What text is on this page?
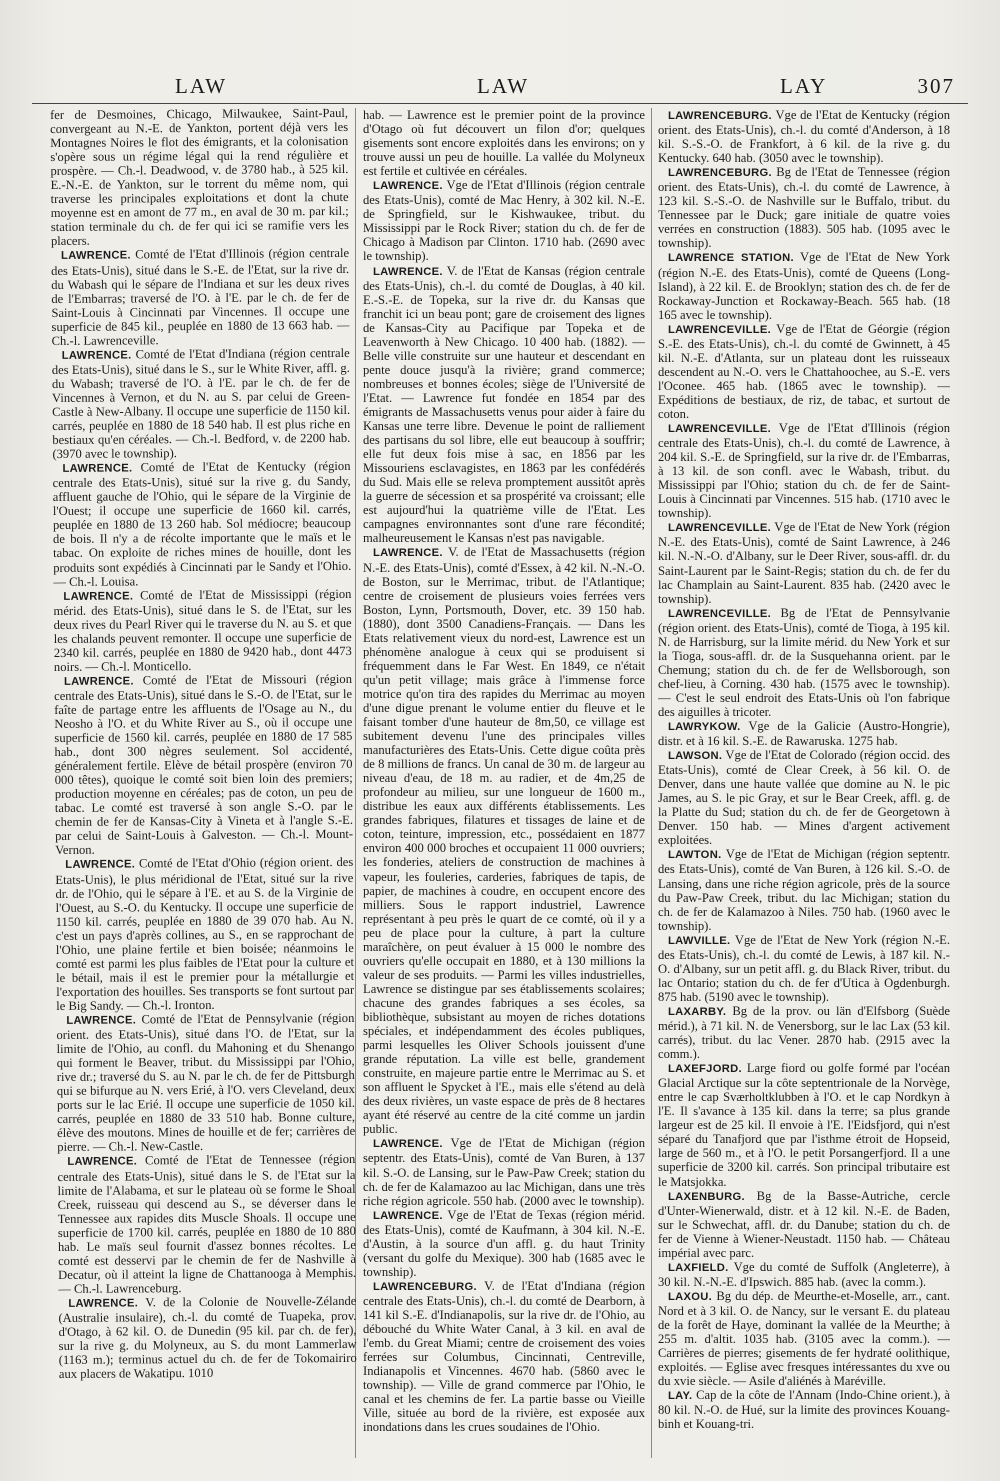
LAW	LAW	LAY	307

fer de Desmoines, Chicago, Milwaukee, Saint-Paul, convergeant au N.-E. de Yankton, portent déjà vers les Montagnes Noires le flot des émigrants, et la colonisation s'opère sous un régime légal qui la rend régulière et prospère. — Ch.-l. Deadwood, v. de 3780 hab., à 525 kil. E.-N.-E. de Yankton, sur le torrent du même nom, qui traverse les principales exploitations et dont la chute moyenne est en amont de 77 m., en aval de 30 m. par kil.; station terminale du ch. de fer qui ici se ramifie vers les placers.

LAWRENCE. Comté de l'Etat d'Illinois (région centrale des Etats-Unis), situé dans le S.-E. de l'Etat, sur la rive dr. du Wabash qui le sépare de l'Indiana et sur les deux rives de l'Embarras; traversé de l'O. à l'E. par le ch. de fer de Saint-Louis à Cincinnati par Vincennes. Il occupe une superficie de 845 kil., peuplée en 1880 de 13 663 hab. — Ch.-l. Lawrenceville.

LAWRENCE. Comté de l'Etat d'Indiana (région centrale des Etats-Unis), situé dans le S., sur le White River, affl. g. du Wabash; traversé de l'O. à l'E. par le ch. de fer de Vincennes à Vernon, et du N. au S. par celui de Green-Castle à New-Albany. Il occupe une superficie de 1150 kil. carrés, peuplée en 1880 de 18 540 hab. Il est plus riche en bestiaux qu'en céréales. — Ch.-l. Bedford, v. de 2200 hab. (3970 avec le township).

LAWRENCE. Comté de l'Etat de Kentucky (région centrale des Etats-Unis), situé sur la rive g. du Sandy, affluent gauche de l'Ohio, qui le sépare de la Virginie de l'Ouest; il occupe une superficie de 1660 kil. carrés, peuplée en 1880 de 13 260 hab. Sol médiocre; beaucoup de bois. Il n'y a de récolte importante que le maïs et le tabac. On exploite de riches mines de houille, dont les produits sont expédiés à Cincinnati par le Sandy et l'Ohio. — Ch.-l. Louisa.

LAWRENCE. Comté de l'Etat de Mississippi (région mérid. des Etats-Unis), situé dans le S. de l'Etat, sur les deux rives du Pearl River qui le traverse du N. au S. et que les chalands peuvent remonter. Il occupe une superficie de 2340 kil. carrés, peuplée en 1880 de 9420 hab., dont 4473 noirs. — Ch.-l. Monticello.

LAWRENCE. Comté de l'Etat de Missouri (région centrale des Etats-Unis), situé dans le S.-O. de l'Etat, sur le faîte de partage entre les affluents de l'Osage au N., du Neosho à l'O. et du White River au S., où il occupe une superficie de 1560 kil. carrés, peuplée en 1880 de 17 585 hab., dont 300 nègres seulement. Sol accidenté, généralement fertile. Elève de bétail prospère (environ 70 000 têtes), quoique le comté soit bien loin des premiers; production moyenne en céréales; pas de coton, un peu de tabac. Le comté est traversé à son angle S.-O. par le chemin de fer de Kansas-City à Vineta et à l'angle S.-E. par celui de Saint-Louis à Galveston. — Ch.-l. Mount-Vernon.

LAWRENCE. Comté de l'Etat d'Ohio (région orient. des Etats-Unis), le plus méridional de l'Etat, situé sur la rive dr. de l'Ohio, qui le sépare à l'E. et au S. de la Virginie de l'Ouest, au S.-O. du Kentucky. Il occupe une superficie de 1150 kil. carrés, peuplée en 1880 de 39 070 hab. Au N. c'est un pays d'après collines, au S., en se rapprochant de l'Ohio, une plaine fertile et bien boisée; néanmoins le comté est parmi les plus faibles de l'Etat pour la culture et le bétail, mais il est le premier pour la métallurgie et l'exportation des houilles. Ses transports se font surtout par le Big Sandy. — Ch.-l. Ironton.

LAWRENCE. Comté de l'Etat de Pennsylvanie (région orient. des Etats-Unis), situé dans l'O. de l'Etat, sur la limite de l'Ohio, au confl. du Mahoning et du Shenango qui forment le Beaver, tribut. du Mississippi par l'Ohio, rive dr.; traversé du S. au N. par le ch. de fer de Pittsburgh qui se bifurque au N. vers Erié, à l'O. vers Cleveland, deux ports sur le lac Erié. Il occupe une superficie de 1050 kil. carrés, peuplée en 1880 de 33 510 hab. Bonne culture, élève des moutons. Mines de houille et de fer; carrières de pierre. — Ch.-l. New-Castle.

LAWRENCE. Comté de l'Etat de Tennessee (région centrale des Etats-Unis), situé dans le S. de l'Etat sur la limite de l'Alabama, et sur le plateau où se forme le Shoal Creek, ruisseau qui descend au S., se déverser dans le Tennessee aux rapides dits Muscle Shoals. Il occupe une superficie de 1700 kil. carrés, peuplée en 1880 de 10 880 hab. Le maïs seul fournit d'assez bonnes récoltes. Le comté est desservi par le chemin de fer de Nashville à Decatur, où il atteint la ligne de Chattanooga à Memphis. — Ch.-l. Lawrenceburg.

LAWRENCE. V. de la Colonie de Nouvelle-Zélande (Australie insulaire), ch.-l. du comté de Tuapeka, prov. d'Otago, à 62 kil. O. de Dunedin (95 kil. par ch. de fer), sur la rive g. du Molyneux, au S. du mont Lammerlaw (1163 m.); terminus actuel du ch. de fer de Tokomairiro aux placers de Wakatipu. 1010

hab. — Lawrence est le premier point de la province d'Otago où fut découvert un filon d'or; quelques gisements sont encore exploités dans les environs; on y trouve aussi un peu de houille. La vallée du Molyneux est fertile et cultivée en céréales.

LAWRENCE. Vge de l'Etat d'Illinois (région centrale des Etats-Unis), comté de Mac Henry, à 302 kil. N.-E. de Springfield, sur le Kishwaukee, tribut. du Mississippi par le Rock River; station du ch. de fer de Chicago à Madison par Clinton. 1710 hab. (2690 avec le township).

LAWRENCE. V. de l'Etat de Kansas (région centrale des Etats-Unis), ch.-l. du comté de Douglas, à 40 kil. E.-S.-E. de Topeka, sur la rive dr. du Kansas que franchit ici un beau pont; gare de croisement des lignes de Kansas-City au Pacifique par Topeka et de Leavenworth à New Chicago. 10 400 hab. (1882). — Belle ville construite sur une hauteur et descendant en pente douce jusqu'à la rivière; grand commerce; nombreuses et bonnes écoles; siège de l'Université de l'Etat. — Lawrence fut fondée en 1854 par des émigrants de Massachusetts venus pour aider à faire du Kansas une terre libre. Devenue le point de ralliement des partisans du sol libre, elle eut beaucoup à souffrir; elle fut deux fois mise à sac, en 1856 par les Missouriens esclavagistes, en 1863 par les confédérés du Sud. Mais elle se releva promptement aussitôt après la guerre de sécession et sa prospérité va croissant; elle est aujourd'hui la quatrième ville de l'Etat. Les campagnes environnantes sont d'une rare fécondité; malheureusement le Kansas n'est pas navigable.

LAWRENCE. V. de l'Etat de Massachusetts (région N.-E. des Etats-Unis), comté d'Essex, à 42 kil. N.-N.-O. de Boston, sur le Merrimac, tribut. de l'Atlantique; centre de croisement de plusieurs voies ferrées vers Boston, Lynn, Portsmouth, Dover, etc. 39 150 hab. (1880), dont 3500 Canadiens-Français. — Dans les Etats relativement vieux du nord-est, Lawrence est un phénomène analogue à ceux qui se produisent si fréquemment dans le Far West. En 1849, ce n'était qu'un petit village; mais grâce à l'immense force motrice qu'on tira des rapides du Merrimac au moyen d'une digue prenant le volume entier du fleuve et le faisant tomber d'une hauteur de 8m,50, ce village est subitement devenu l'une des principales villes manufacturières des Etats-Unis. Cette digue coûta près de 8 millions de francs. Un canal de 30 m. de largeur au niveau d'eau, de 18 m. au radier, et de 4m,25 de profondeur au milieu, sur une longueur de 1600 m., distribue les eaux aux différents établissements. Les grandes fabriques, filatures et tissages de laine et de coton, teinture, impression, etc., possédaient en 1877 environ 400 000 broches et occupaient 11 000 ouvriers; les fonderies, ateliers de construction de machines à vapeur, les fouleries, carderies, fabriques de tapis, de papier, de machines à coudre, en occupent encore des milliers. Sous le rapport industriel, Lawrence représentant à peu près le quart de ce comté, où il y a peu de place pour la culture, à part la culture maraîchère, on peut évaluer à 15 000 le nombre des ouvriers qu'elle occupait en 1880, et à 130 millions la valeur de ses produits. — Parmi les villes industrielles, Lawrence se distingue par ses établissements scolaires; chacune des grandes fabriques a ses écoles, sa bibliothèque, subsistant au moyen de riches dotations spéciales, et indépendamment des écoles publiques, parmi lesquelles les Oliver Schools jouissent d'une grande réputation. La ville est belle, grandement construite, en majeure partie entre le Merrimac au S. et son affluent le Spycket à l'E., mais elle s'étend au delà des deux rivières, un vaste espace de près de 8 hectares ayant été réservé au centre de la cité comme un jardin public.

LAWRENCE. Vge de l'Etat de Michigan (région septentr. des Etats-Unis), comté de Van Buren, à 137 kil. S.-O. de Lansing, sur le Paw-Paw Creek; station du ch. de fer de Kalamazoo au lac Michigan, dans une très riche région agricole. 550 hab. (2000 avec le township).

LAWRENCE. Vge de l'Etat de Texas (région mérid. des Etats-Unis), comté de Kaufmann, à 304 kil. N.-E. d'Austin, à la source d'un affl. g. du haut Trinity (versant du golfe du Mexique). 300 hab (1685 avec le township).

LAWRENCEBURG. V. de l'Etat d'Indiana (région centrale des Etats-Unis), ch.-l. du comté de Dearborn, à 141 kil S.-E. d'Indianapolis, sur la rive dr. de l'Ohio, au débouché du White Water Canal, à 3 kil. en aval de l'emb. du Great Miami; centre de croisement des voies ferrées sur Columbus, Cincinnati, Centreville, Indianapolis et Vincennes. 4670 hab. (5860 avec le township). — Ville de grand commerce par l'Ohio, le canal et les chemins de fer. La partie basse ou Vieille Ville, située au bord de la rivière, est exposée aux inondations dans les crues soudaines de l'Ohio.

LAWRENCEBURG. Vge de l'Etat de Kentucky (région orient. des Etats-Unis), ch.-l. du comté d'Anderson, à 18 kil. S.-S.-O. de Frankfort, à 6 kil. de la rive g. du Kentucky. 640 hab. (3050 avec le township).

LAWRENCEBURG. Bg de l'Etat de Tennessee (région orient. des Etats-Unis), ch.-l. du comté de Lawrence, à 123 kil. S.-S.-O. de Nashville sur le Buffalo, tribut. du Tennessee par le Duck; gare initiale de quatre voies verrées en construction (1883). 505 hab. (1095 avec le township).

LAWRENCE STATION. Vge de l'Etat de New York (région N.-E. des Etats-Unis), comté de Queens (Long-Island), à 22 kil. E. de Brooklyn; station des ch. de fer de Rockaway-Junction et Rockaway-Beach. 565 hab. (18 165 avec le township).

LAWRENCEVILLE. Vge de l'Etat de Géorgie (région S.-E. des Etats-Unis), ch.-l. du comté de Gwinnett, à 45 kil. N.-E. d'Atlanta, sur un plateau dont les ruisseaux descendent au N.-O. vers le Chattahoochee, au S.-E. vers l'Oconee. 465 hab. (1865 avec le township). — Expéditions de bestiaux, de riz, de tabac, et surtout de coton.

LAWRENCEVILLE. Vge de l'Etat d'Illinois (région centrale des Etats-Unis), ch.-l. du comté de Lawrence, à 204 kil. S.-E. de Springfield, sur la rive dr. de l'Embarras, à 13 kil. de son confl. avec le Wabash, tribut. du Mississippi par l'Ohio; station du ch. de fer de Saint-Louis à Cincinnati par Vincennes. 515 hab. (1710 avec le township).

LAWRENCEVILLE. Vge de l'Etat de New York (région N.-E. des Etats-Unis), comté de Saint Lawrence, à 246 kil. N.-N.-O. d'Albany, sur le Deer River, sous-affl. dr. du Saint-Laurent par le Saint-Regis; station du ch. de fer du lac Champlain au Saint-Laurent. 835 hab. (2420 avec le township).

LAWRENCEVILLE. Bg de l'Etat de Pennsylvanie (région orient. des Etats-Unis), comté de Tioga, à 195 kil. N. de Harrisburg, sur la limite mérid. du New York et sur la Tioga, sous-affl. dr. de la Susquehanna orient. par le Chemung; station du ch. de fer de Wellsborough, son chef-lieu, à Corning. 430 hab. (1575 avec le township). — C'est le seul endroit des Etats-Unis où l'on fabrique des aiguilles à tricoter.

LAWRYKOW. Vge de la Galicie (Austro-Hongrie), distr. et à 16 kil. S.-E. de Rawaruska. 1275 hab.

LAWSON. Vge de l'Etat de Colorado (région occid. des Etats-Unis), comté de Clear Creek, à 56 kil. O. de Denver, dans une haute vallée que domine au N. le pic James, au S. le pic Gray, et sur le Bear Creek, affl. g. de la Platte du Sud; station du ch. de fer de Georgetown à Denver. 150 hab. — Mines d'argent activement exploitées.

LAWTON. Vge de l'Etat de Michigan (région septentr. des Etats-Unis), comté de Van Buren, à 126 kil. S.-O. de Lansing, dans une riche région agricole, près de la source du Paw-Paw Creek, tribut. du lac Michigan; station du ch. de fer de Kalamazoo à Niles. 750 hab. (1960 avec le township).

LAWVILLE. Vge de l'Etat de New York (région N.-E. des Etats-Unis), ch.-l. du comté de Lewis, à 187 kil. N.-O. d'Albany, sur un petit affl. g. du Black River, tribut. du lac Ontario; station du ch. de fer d'Utica à Ogdenburgh. 875 hab. (5190 avec le township).

LAXARBY. Bg de la prov. ou län d'Elfsborg (Suède mérid.), à 71 kil. N. de Venersborg, sur le lac Lax (53 kil. carrés), tribut. du lac Vener. 2870 hab. (2915 avec la comm.).

LAXEFJORD. Large fiord ou golfe formé par l'océan Glacial Arctique sur la côte septentrionale de la Norvège, entre le cap Sværholtklubben à l'O. et le cap Nordkyn à l'E. Il s'avance à 135 kil. dans la terre; sa plus grande largeur est de 25 kil. Il envoie à l'E. l'Eidsfjord, qui n'est séparé du Tanafjord que par l'isthme étroit de Hopseid, large de 560 m., et à l'O. le petit Porsangerfjord. Il a une superficie de 3200 kil. carrés. Son principal tributaire est le Matsjokka.

LAXENBURG. Bg de la Basse-Autriche, cercle d'Unter-Wienerwald, distr. et à 12 kil. N.-E. de Baden, sur le Schwechat, affl. dr. du Danube; station du ch. de fer de Vienne à Wiener-Neustadt. 1150 hab. — Château impérial avec parc.

LAXFIELD. Vge du comté de Suffolk (Angleterre), à 30 kil. N.-N.-E. d'Ipswich. 885 hab. (avec la comm.).

LAXOU. Bg du dép. de Meurthe-et-Moselle, arr., cant. Nord et à 3 kil. O. de Nancy, sur le versant E. du plateau de la forêt de Haye, dominant la vallée de la Meurthe; à 255 m. d'altit. 1035 hab. (3105 avec la comm.). — Carrières de pierres; gisements de fer hydraté oolithique, exploités. — Eglise avec fresques intéressantes du xve ou du xvie siècle. — Asile d'aliénés à Maréville.

LAY. Cap de la côte de l'Annam (Indo-Chine orient.), à 80 kil. N.-O. de Hué, sur la limite des provinces Kouang-binh et Kouang-tri.
